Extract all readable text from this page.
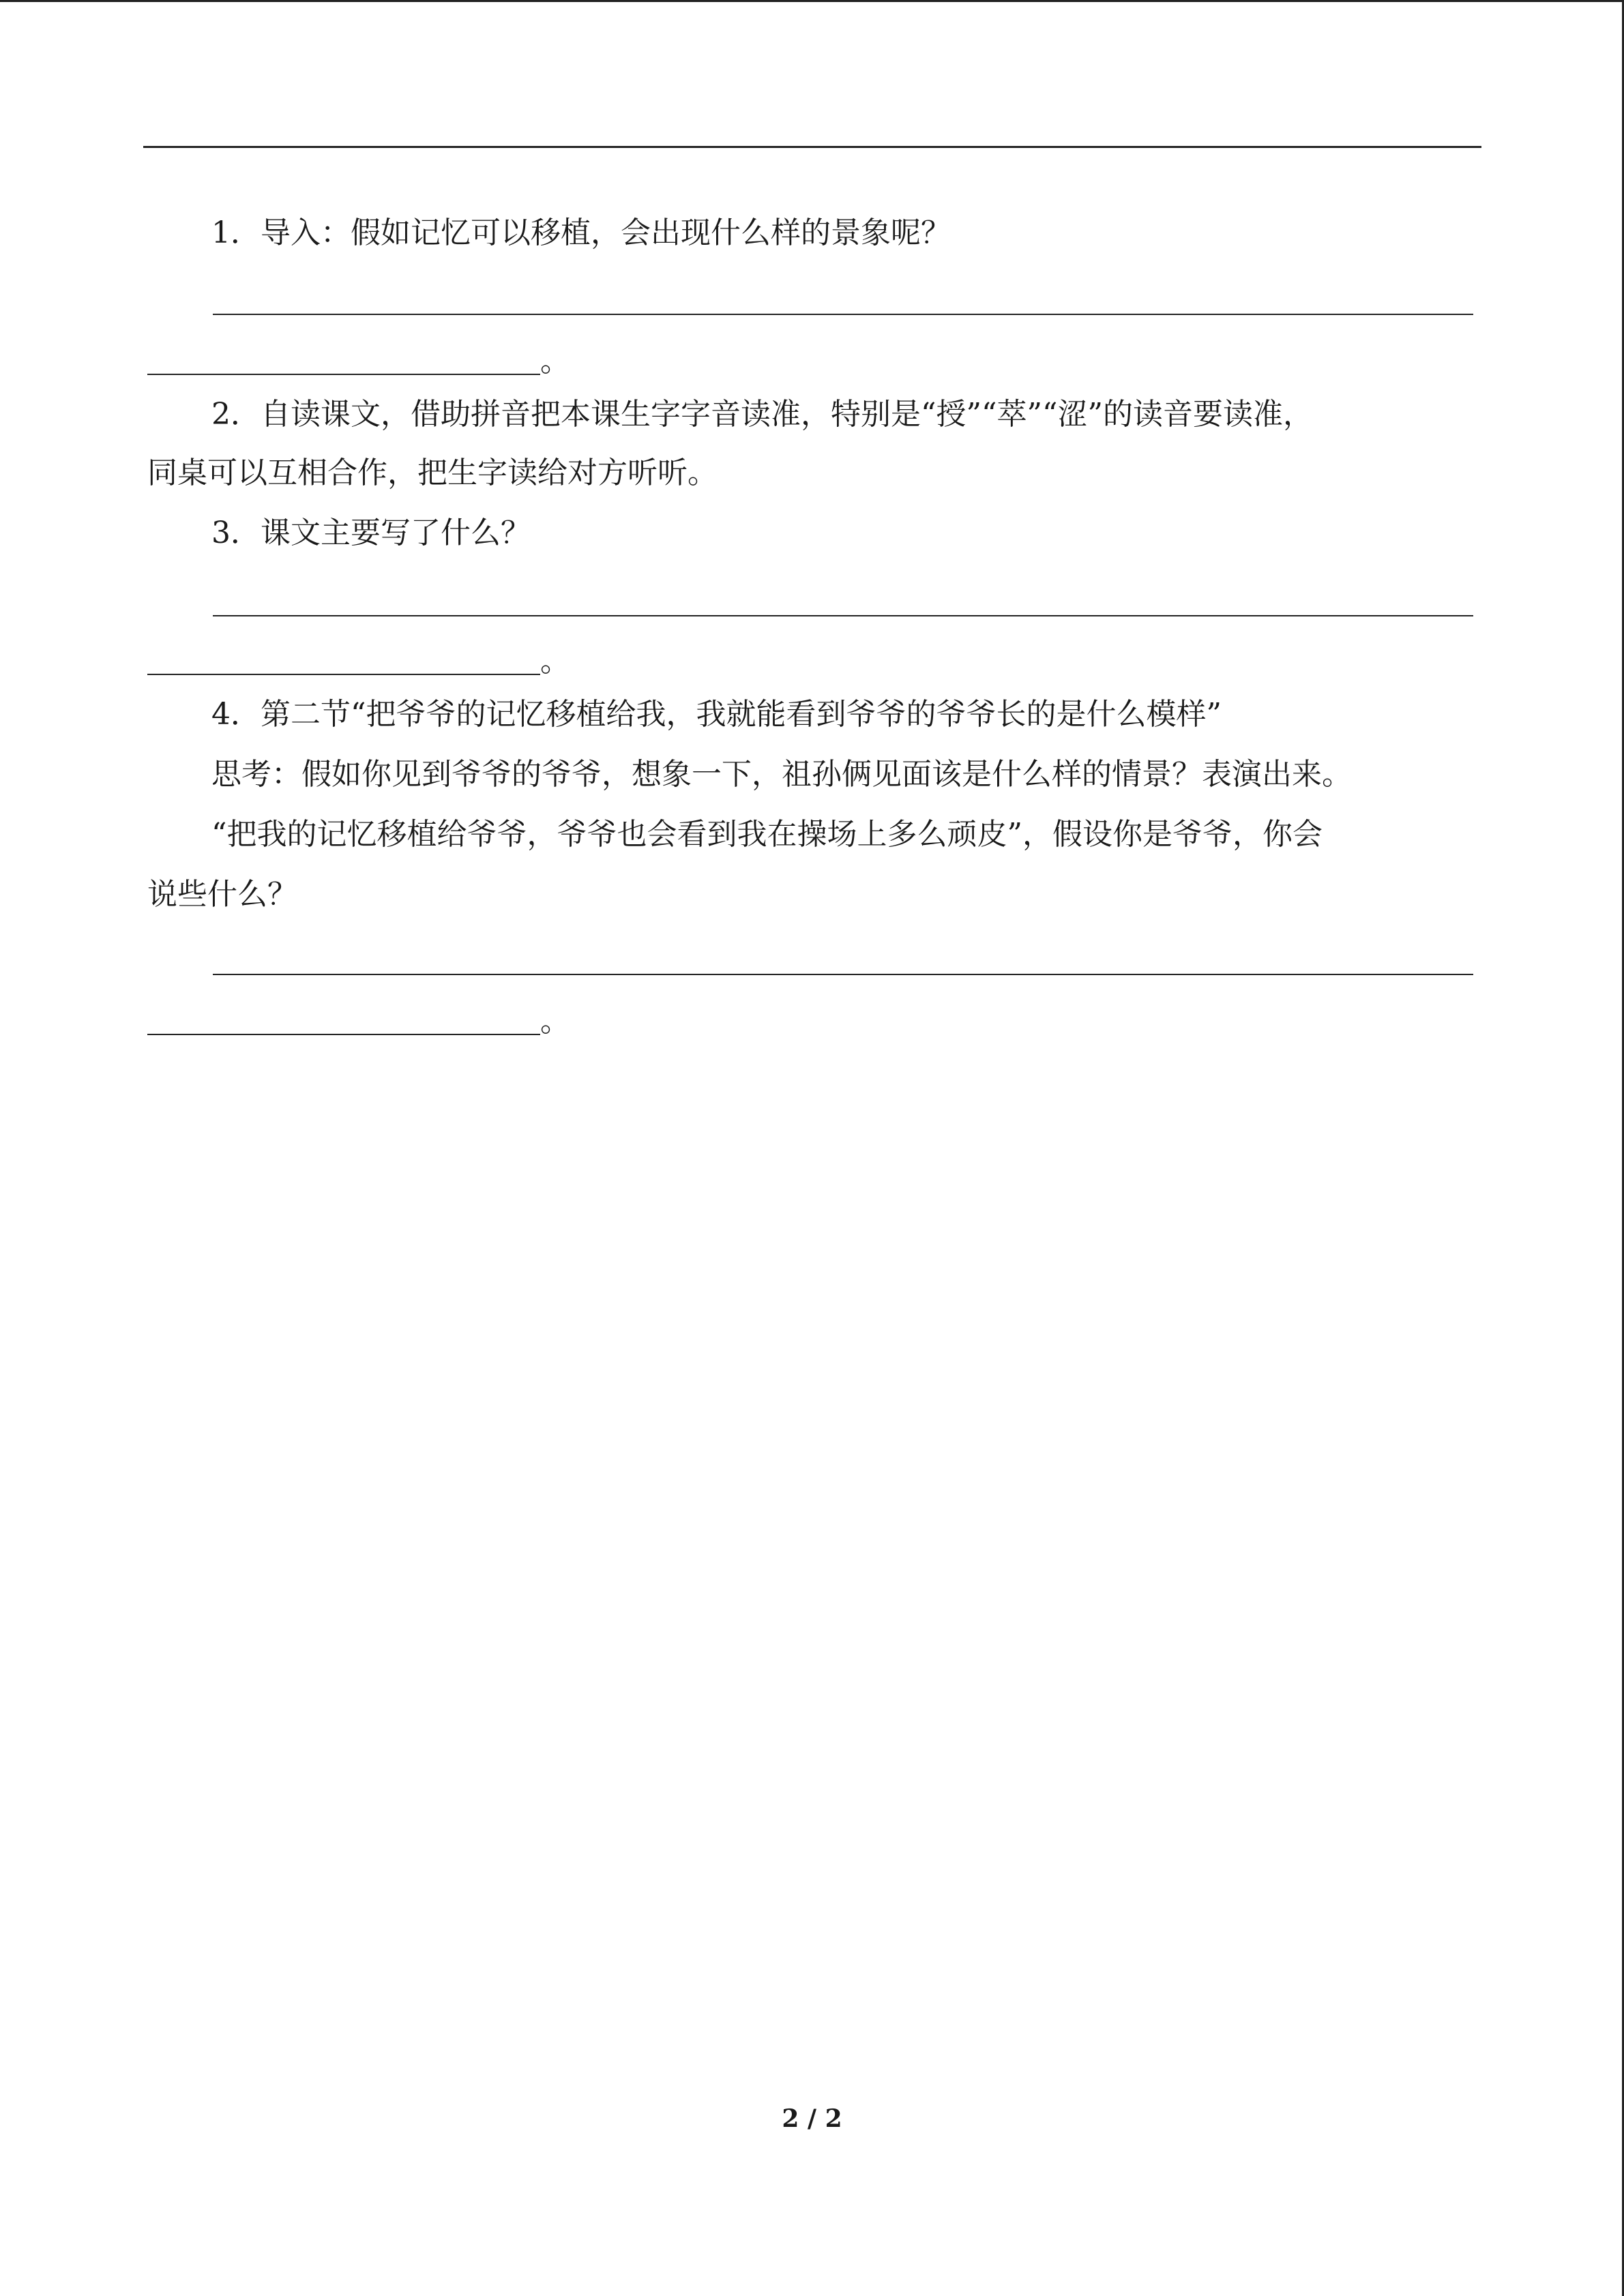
1．导入：假如记忆可以移植，会出现什么样的景象呢？
。
2．自读课文，借助拼音把本课生字字音读准，特别是“授”“萃”“涩”的读音要读准，
同桌可以互相合作，把生字读给对方听听。
3．课文主要写了什么？
。
4．第二节“把爷爷的记忆移植给我，我就能看到爷爷的爷爷长的是什么模样”
思考：假如你见到爷爷的爷爷，想象一下，祖孙俩见面该是什么样的情景？表演出来。
“把我的记忆移植给爷爷，爷爷也会看到我在操场上多么顽皮”，假设你是爷爷，你会
说些什么？
。
2 / 2
